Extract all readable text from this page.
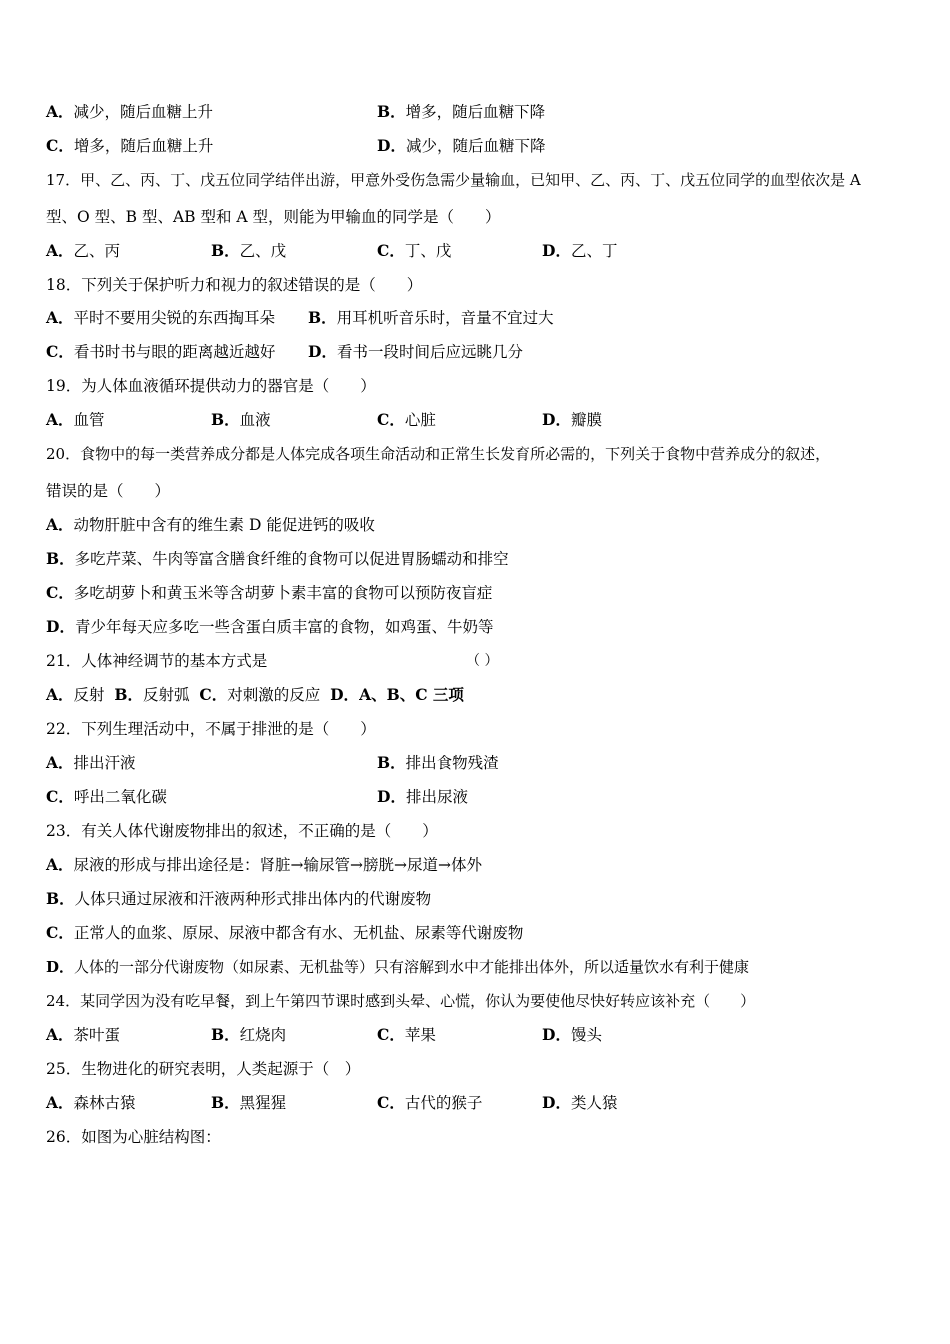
A．减少，随后血糖上升	B．增多，随后血糖下降
C．增多，随后血糖上升	D．减少，随后血糖下降
17．甲、乙、丙、丁、戊五位同学结伴出游，甲意外受伤急需少量输血，已知甲、乙、丙、丁、戊五位同学的血型依次是 A
型、O 型、B 型、AB 型和 A 型，则能为甲输血的同学是（　　）
A．乙、丙	B．乙、戊	C．丁、戊	D．乙、丁
18．下列关于保护听力和视力的叙述错误的是（　　）
A．平时不要用尖锐的东西掏耳朵 B．用耳机听音乐时，音量不宜过大
C．看书时书与眼的距离越近越好 D．看书一段时间后应远眺几分
19．为人体血液循环提供动力的器官是（　　）
A．血管	B．血液	C．心脏	D．瓣膜
20．食物中的每一类营养成分都是人体完成各项生命活动和正常生长发育所必需的，下列关于食物中营养成分的叙述，
错误的是（　　）
A．动物肝脏中含有的维生素 D 能促进钙的吸收
B．多吃芹菜、牛肉等富含膳食纤维的食物可以促进胃肠蠕动和排空
C．多吃胡萝卜和黄玉米等含胡萝卜素丰富的食物可以预防夜盲症
D．青少年每天应多吃一些含蛋白质丰富的食物，如鸡蛋、牛奶等
21．人体神经调节的基本方式是	（ ）
A．反射 B．反射弧 C．对刺激的反应 D．A、B、C 三项
22．下列生理活动中，不属于排泄的是（　　）
A．排出汗液	B．排出食物残渣
C．呼出二氧化碳	D．排出尿液
23．有关人体代谢废物排出的叙述，不正确的是（　　）
A．尿液的形成与排出途径是：肾脏→输尿管→膀胱→尿道→体外
B．人体只通过尿液和汗液两种形式排出体内的代谢废物
C．正常人的血浆、原尿、尿液中都含有水、无机盐、尿素等代谢废物
D．人体的一部分代谢废物（如尿素、无机盐等）只有溶解到水中才能排出体外，所以适量饮水有利于健康
24．某同学因为没有吃早餐，到上午第四节课时感到头晕、心慌，你认为要使他尽快好转应该补充（　　）
A．茶叶蛋	B．红烧肉	C．苹果	D．馒头
25．生物进化的研究表明，人类起源于（　）
A．森林古猿	B．黑猩猩	C．古代的猴子	D．类人猿
26．如图为心脏结构图：
